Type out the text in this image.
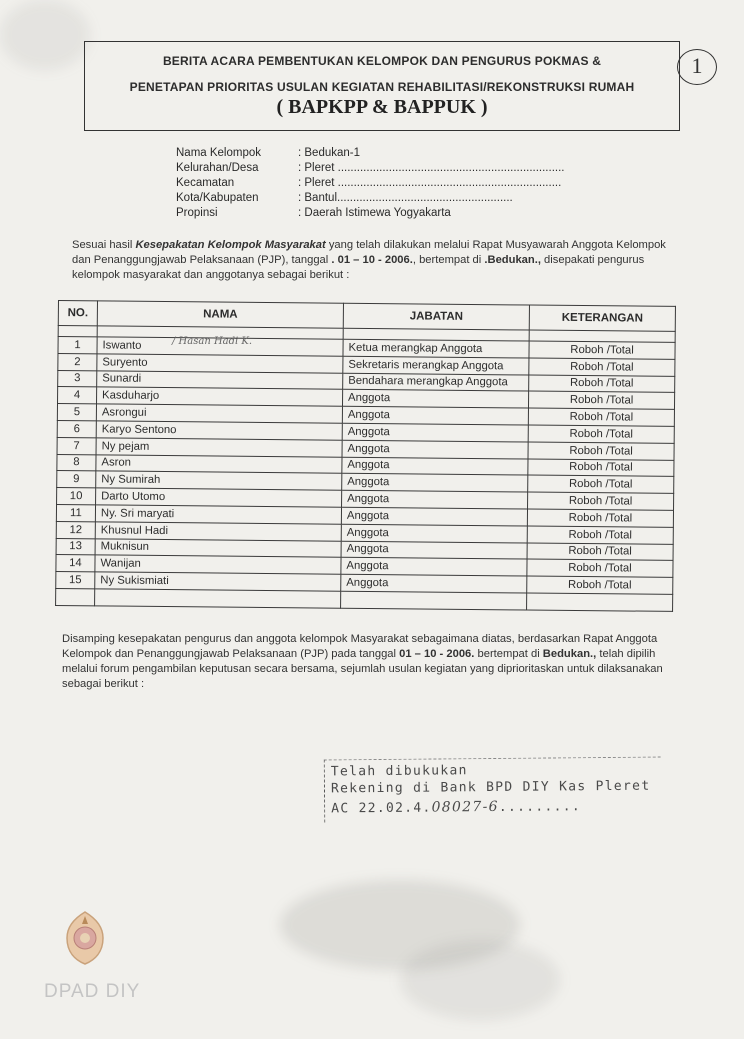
BERITA ACARA PEMBENTUKAN KELOMPOK DAN PENGURUS POKMAS &
PENETAPAN PRIORITAS USULAN KEGIATAN REHABILITASI/REKONSTRUKSI RUMAH
( BAPKPP & BAPPUK )
1
Nama Kelompok	: Bedukan-1
Kelurahan/Desa	: Pleret .......................................................................
Kecamatan	: Pleret ......................................................................
Kota/Kabupaten	: Bantul.......................................................
Propinsi	: Daerah Istimewa Yogyakarta
Sesuai hasil Kesepakatan Kelompok Masyarakat yang telah dilakukan melalui Rapat Musyawarah Anggota Kelompok
dan Penanggungjawab Pelaksanaan (PJP), tanggal . 01 – 10 - 2006., bertempat di .Bedukan., disepakati pengurus
kelompok masyarakat dan anggotanya sebagai berikut :
NO.	NAMA	JABATAN	KETERANGAN

1	Iswanto	Ketua merangkap Anggota	Roboh /Total
2	Suryento	Sekretaris merangkap Anggota	Roboh /Total
3	Sunardi	Bendahara merangkap Anggota	Roboh /Total
4	Kasduharjo	Anggota	Roboh /Total
5	Asrongui	Anggota	Roboh /Total
6	Karyo Sentono	Anggota	Roboh /Total
7	Ny pejam	Anggota	Roboh /Total
8	Asron	Anggota	Roboh /Total
9	Ny Sumirah	Anggota	Roboh /Total
10	Darto Utomo	Anggota	Roboh /Total
11	Ny. Sri maryati	Anggota	Roboh /Total
12	Khusnul Hadi	Anggota	Roboh /Total
13	Muknisun	Anggota	Roboh /Total
14	Wanijan	Anggota	Roboh /Total
15	Ny Sukismiati	Anggota	Roboh /Total

/ Hasan Hadi K.
Disamping kesepakatan pengurus dan anggota kelompok Masyarakat sebagaimana diatas, berdasarkan Rapat Anggota
Kelompok dan Penanggungjawab Pelaksanaan (PJP) pada tanggal 01 – 10 - 2006. bertempat di Bedukan., telah dipilih
melalui forum pengambilan keputusan secara bersama, sejumlah usulan kegiatan yang diprioritaskan untuk dilaksanakan
sebagai berikut :
Telah dibukukan
Rekening di Bank BPD DIY Kas Pleret
AC 22.02.4.08027-6.........
DPAD DIY
